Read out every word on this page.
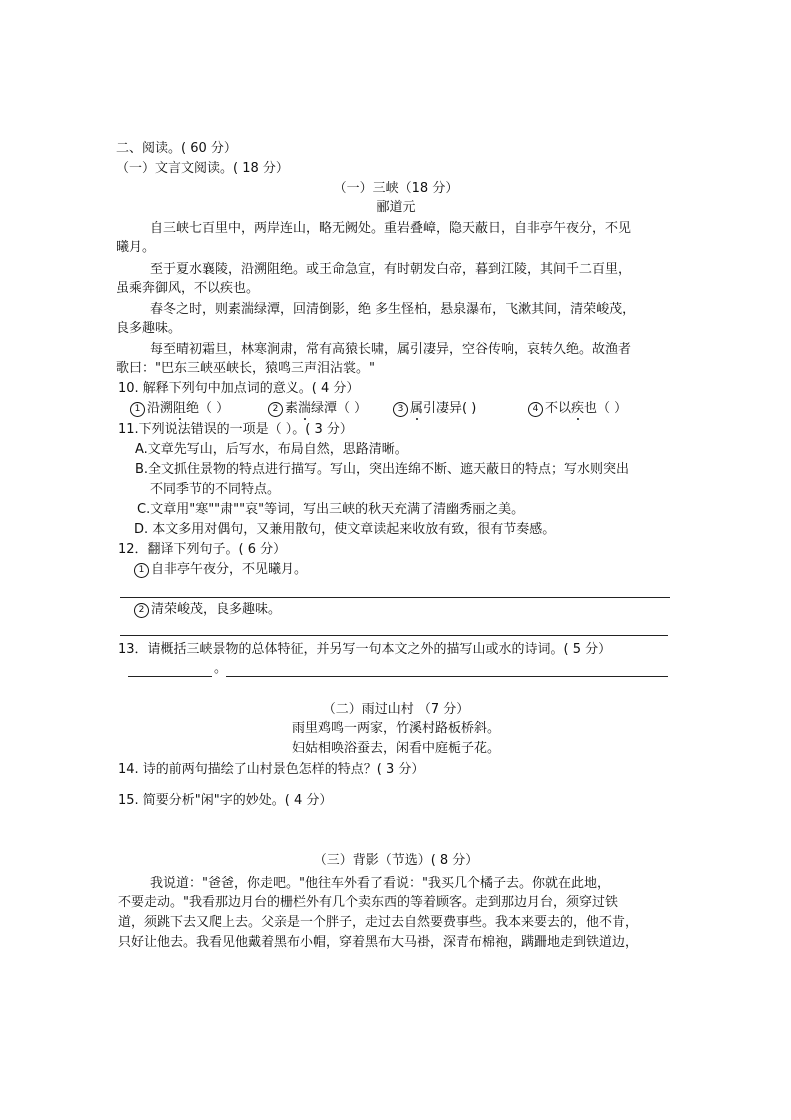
二、阅读。( 60 分）
（一）文言文阅读。( 18 分）
（一）三峡（18 分）
郦道元
自三峡七百里中，两岸连山，略无阙处。重岩叠嶂，隐天蔽日，自非亭午夜分，不见
曦月。
至于夏水襄陵，沿溯阻绝。或王命急宣，有时朝发白帝，暮到江陵，其间千二百里，
虽乘奔御风，不以疾也。
春冬之时，则素湍绿潭，回清倒影，绝 多生怪柏，悬泉瀑布，飞漱其间，清荣峻茂，
良多趣味。
每至晴初霜旦，林寒涧肃，常有高猿长啸，属引凄异，空谷传响，哀转久绝。故渔者
歌曰："巴东三峡巫峡长，猿鸣三声泪沾裳。"
10. 解释下列句中加点词的意义。( 4 分）
1 沿溯阻绝（ ）	2 素湍绿潭（ ）	3 属引凄异( )	4 不以疾也（ ）
11.下列说法错误的一项是（ ）。( 3 分）
A.文章先写山，后写水，布局自然，思路清晰。
B.全文抓住景物的特点进行描写。写山，突出连绵不断、遮天蔽日的特点；写水则突出
不同季节的不同特点。
C.文章用"寒""肃""哀"等词，写出三峡的秋天充满了清幽秀丽之美。
D. 本文多用对偶句，又兼用散句，使文章读起来收放有致，很有节奏感。
12．翻译下列句子。( 6 分）
1 自非亭午夜分，不见曦月。
2 清荣峻茂，良多趣味。
13．请概括三峡景物的总体特征，并另写一句本文之外的描写山或水的诗词。( 5 分）
。
（二）雨过山村 （7 分）
雨里鸡鸣一两家，竹溪村路板桥斜。
妇姑相唤浴蚕去，闲看中庭栀子花。
14. 诗的前两句描绘了山村景色怎样的特点？( 3 分）
15. 简要分析"闲"字的妙处。( 4 分）
（三）背影（节选）( 8 分）
我说道："爸爸，你走吧。"他往车外看了看说："我买几个橘子去。你就在此地，
不要走动。"我看那边月台的栅栏外有几个卖东西的等着顾客。走到那边月台，须穿过铁
道，须跳下去又爬上去。父亲是一个胖子，走过去自然要费事些。我本来要去的，他不肯，
只好让他去。我看见他戴着黑布小帽，穿着黑布大马褂，深青布棉袍，蹒跚地走到铁道边，
